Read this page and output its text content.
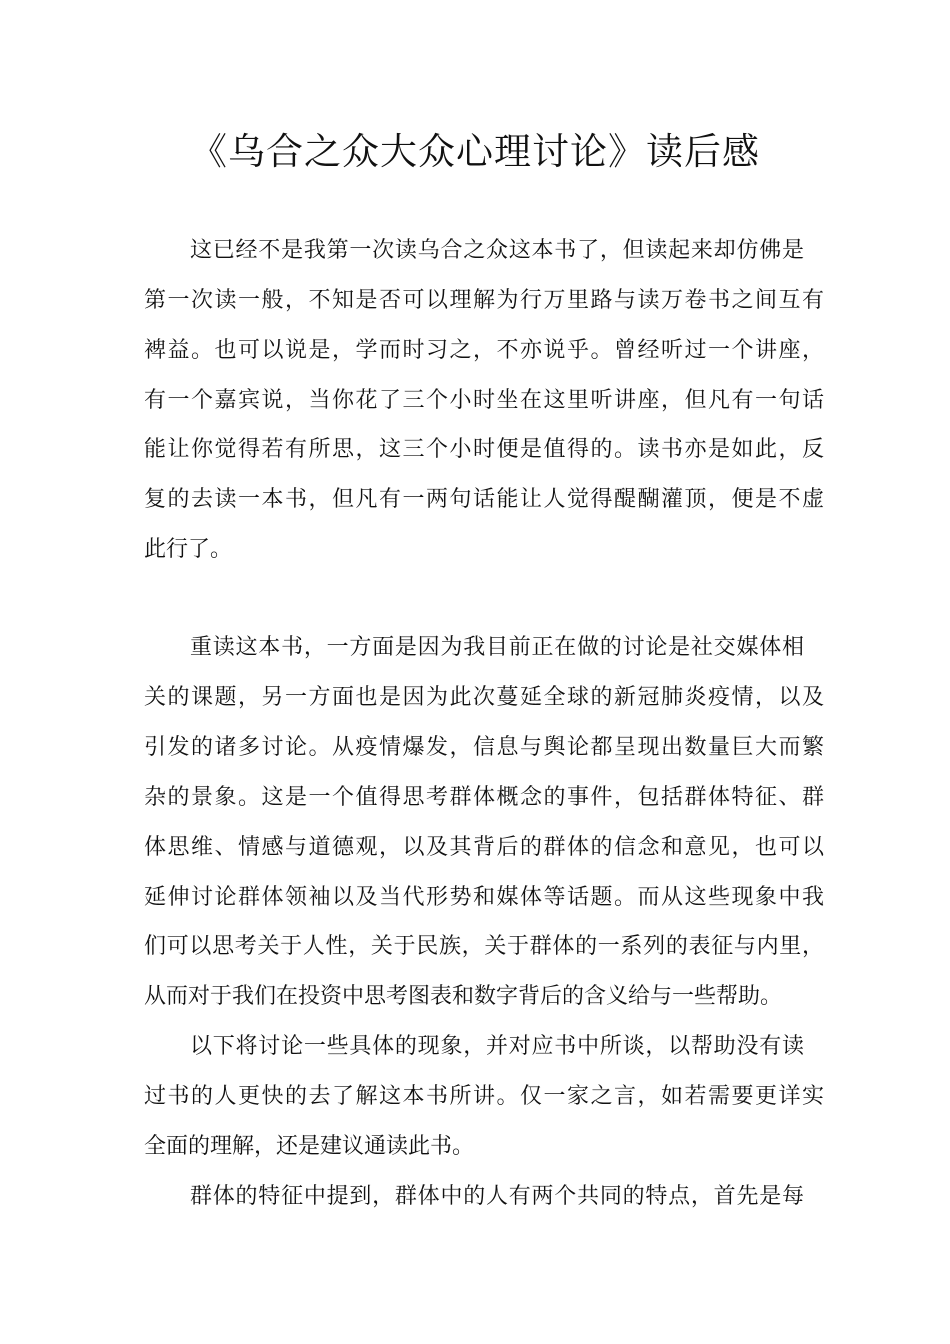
《乌合之众大众心理讨论》读后感
这已经不是我第一次读乌合之众这本书了，但读起来却仿佛是
第一次读一般，不知是否可以理解为行万里路与读万卷书之间互有
裨益。也可以说是，学而时习之，不亦说乎。曾经听过一个讲座，
有一个嘉宾说，当你花了三个小时坐在这里听讲座，但凡有一句话
能让你觉得若有所思，这三个小时便是值得的。读书亦是如此，反
复的去读一本书，但凡有一两句话能让人觉得醍醐灌顶，便是不虚
此行了。
重读这本书，一方面是因为我目前正在做的讨论是社交媒体相
关的课题，另一方面也是因为此次蔓延全球的新冠肺炎疫情，以及
引发的诸多讨论。从疫情爆发，信息与舆论都呈现出数量巨大而繁
杂的景象。这是一个值得思考群体概念的事件，包括群体特征、群
体思维、情感与道德观，以及其背后的群体的信念和意见，也可以
延伸讨论群体领袖以及当代形势和媒体等话题。而从这些现象中我
们可以思考关于人性，关于民族，关于群体的一系列的表征与内里，
从而对于我们在投资中思考图表和数字背后的含义给与一些帮助。
以下将讨论一些具体的现象，并对应书中所谈，以帮助没有读
过书的人更快的去了解这本书所讲。仅一家之言，如若需要更详实
全面的理解，还是建议通读此书。
群体的特征中提到，群体中的人有两个共同的特点，首先是每
